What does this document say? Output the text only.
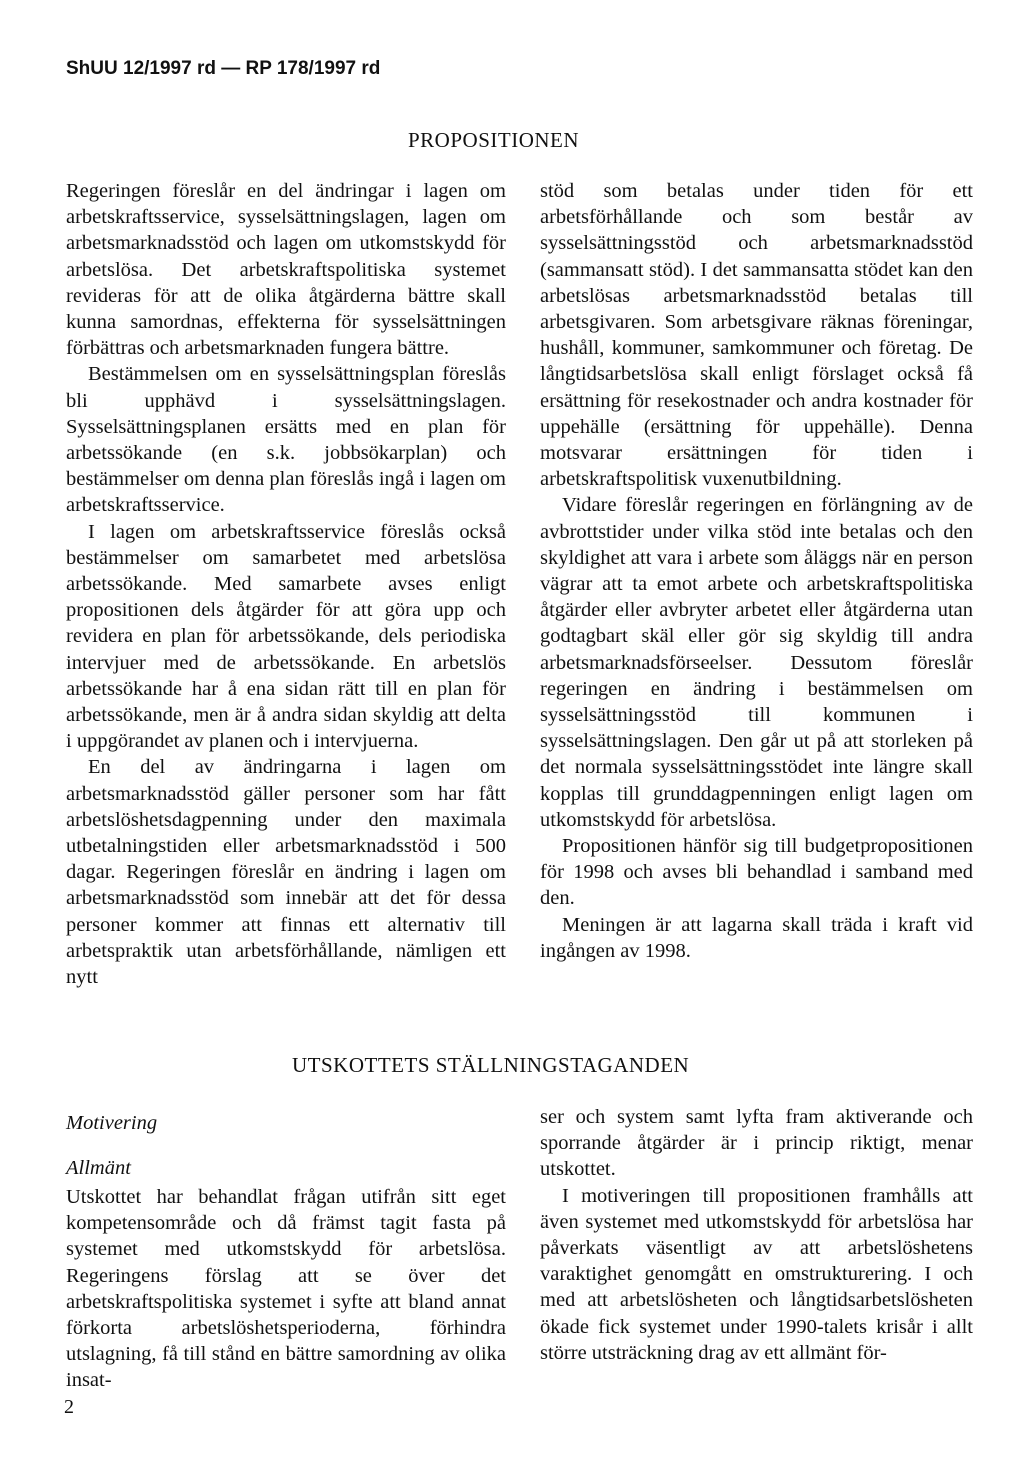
ShUU 12/1997 rd — RP 178/1997 rd
PROPOSITIONEN

Regeringen föreslår en del ändringar i lagen om arbetskraftsservice, sysselsättningslagen, lagen om arbetsmarknadsstöd och lagen om utkomstskydd för arbetslösa. Det arbetskraftspolitiska systemet revideras för att de olika åtgärderna bättre skall kunna samordnas, effekterna för sysselsättningen förbättras och arbetsmarknaden fungera bättre.

Bestämmelsen om en sysselsättningsplan föreslås bli upphävd i sysselsättningslagen. Sysselsättningsplanen ersätts med en plan för arbetssökande (en s.k. jobbsökarplan) och bestämmelser om denna plan föreslås ingå i lagen om arbetskraftsservice.

I lagen om arbetskraftsservice föreslås också bestämmelser om samarbetet med arbetslösa arbetssökande. Med samarbete avses enligt propositionen dels åtgärder för att göra upp och revidera en plan för arbetssökande, dels periodiska intervjuer med de arbetssökande. En arbetslös arbetssökande har å ena sidan rätt till en plan för arbetssökande, men är å andra sidan skyldig att delta i uppgörandet av planen och i intervjuerna.

En del av ändringarna i lagen om arbetsmarknadsstöd gäller personer som har fått arbetslöshetsdagpenning under den maximala utbetalningstiden eller arbetsmarknadsstöd i 500 dagar. Regeringen föreslår en ändring i lagen om arbetsmarknadsstöd som innebär att det för dessa personer kommer att finnas ett alternativ till arbetspraktik utan arbetsförhållande, nämligen ett nytt

stöd som betalas under tiden för ett arbetsförhållande och som består av sysselsättningsstöd och arbetsmarknadsstöd (sammansatt stöd). I det sammansatta stödet kan den arbetslösas arbetsmarknadsstöd betalas till arbetsgivaren. Som arbetsgivare räknas föreningar, hushåll, kommuner, samkommuner och företag. De långtidsarbetslösa skall enligt förslaget också få ersättning för resekostnader och andra kostnader för uppehälle (ersättning för uppehälle). Denna motsvarar ersättningen för tiden i arbetskraftspolitisk vuxenutbildning.

Vidare föreslår regeringen en förlängning av de avbrottstider under vilka stöd inte betalas och den skyldighet att vara i arbete som åläggs när en person vägrar att ta emot arbete och arbetskraftspolitiska åtgärder eller avbryter arbetet eller åtgärderna utan godtagbart skäl eller gör sig skyldig till andra arbetsmarknadsförseelser. Dessutom föreslår regeringen en ändring i bestämmelsen om sysselsättningsstöd till kommunen i sysselsättningslagen. Den går ut på att storleken på det normala sysselsättningsstödet inte längre skall kopplas till grunddagpenningen enligt lagen om utkomstskydd för arbetslösa.

Propositionen hänför sig till budgetpropositionen för 1998 och avses bli behandlad i samband med den.

Meningen är att lagarna skall träda i kraft vid ingången av 1998.

UTSKOTTETS STÄLLNINGSTAGANDEN
Motivering
Allmänt

Utskottet har behandlat frågan utifrån sitt eget kompetensområde och då främst tagit fasta på systemet med utkomstskydd för arbetslösa. Regeringens förslag att se över det arbetskraftspolitiska systemet i syfte att bland annat förkorta arbetslöshetsperioderna, förhindra utslagning, få till stånd en bättre samordning av olika insat-

ser och system samt lyfta fram aktiverande och sporrande åtgärder är i princip riktigt, menar utskottet.

I motiveringen till propositionen framhålls att även systemet med utkomstskydd för arbetslösa har påverkats väsentligt av att arbetslöshetens varaktighet genomgått en omstrukturering. I och med att arbetslösheten och långtidsarbetslösheten ökade fick systemet under 1990-talets krisår i allt större utsträckning drag av ett allmänt för-

2
